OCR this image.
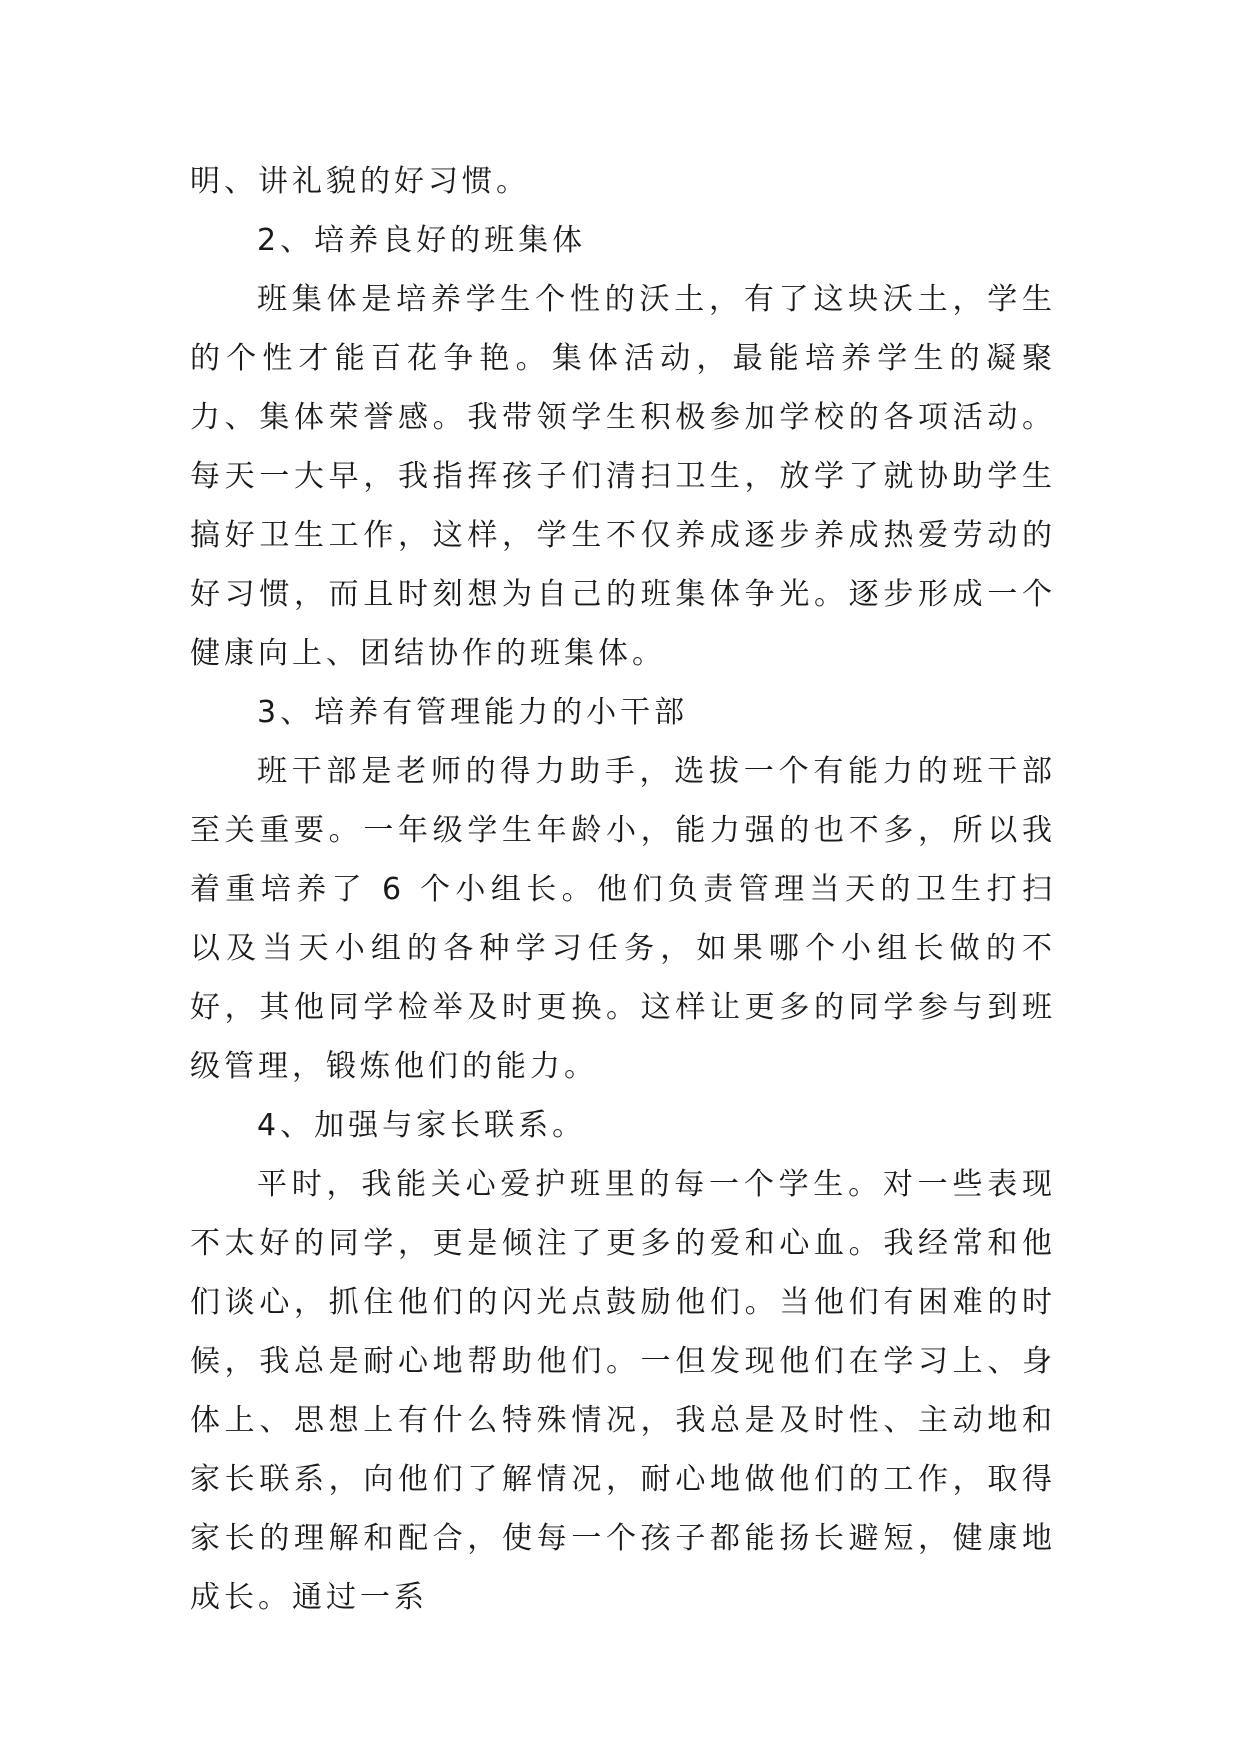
明、讲礼貌的好习惯。

2、培养良好的班集体

班集体是培养学生个性的沃土，有了这块沃土，学生的个性才能百花争艳。集体活动，最能培养学生的凝聚力、集体荣誉感。我带领学生积极参加学校的各项活动。每天一大早，我指挥孩子们清扫卫生，放学了就协助学生搞好卫生工作，这样，学生不仅养成逐步养成热爱劳动的好习惯，而且时刻想为自己的班集体争光。逐步形成一个健康向上、团结协作的班集体。

3、培养有管理能力的小干部

班干部是老师的得力助手，选拔一个有能力的班干部至关重要。一年级学生年龄小，能力强的也不多，所以我着重培养了 6 个小组长。他们负责管理当天的卫生打扫以及当天小组的各种学习任务，如果哪个小组长做的不好，其他同学检举及时更换。这样让更多的同学参与到班级管理，锻炼他们的能力。

4、加强与家长联系。

平时，我能关心爱护班里的每一个学生。对一些表现不太好的同学，更是倾注了更多的爱和心血。我经常和他们谈心，抓住他们的闪光点鼓励他们。当他们有困难的时候，我总是耐心地帮助他们。一但发现他们在学习上、身体上、思想上有什么特殊情况，我总是及时性、主动地和家长联系，向他们了解情况，耐心地做他们的工作，取得家长的理解和配合，使每一个孩子都能扬长避短，健康地成长。通过一系
